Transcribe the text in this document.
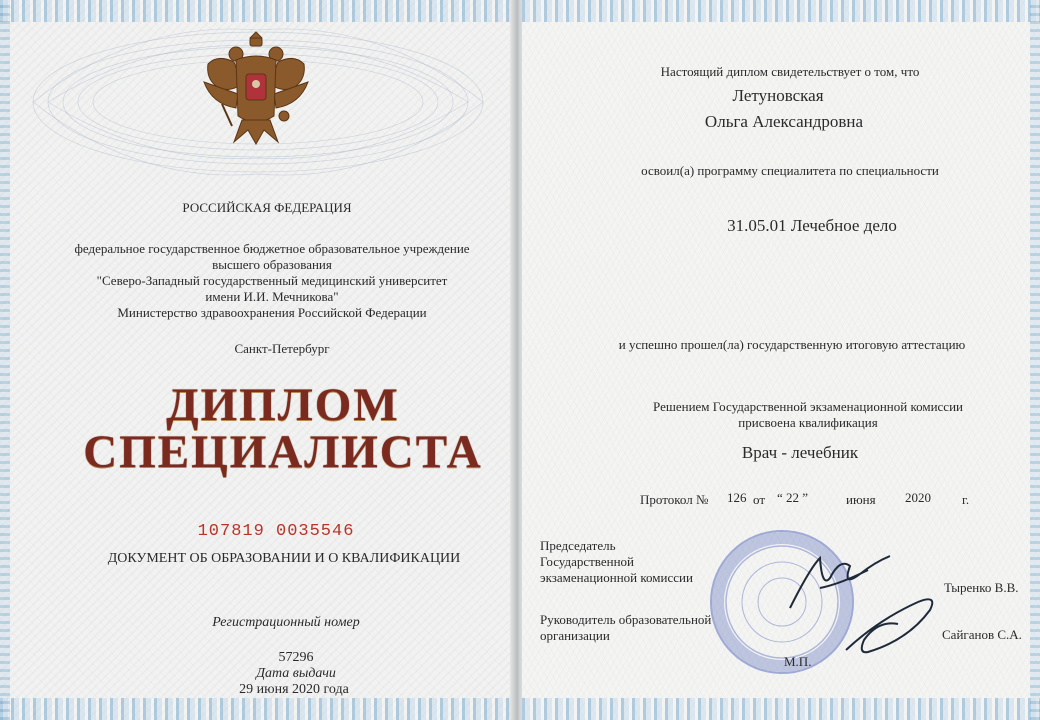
РОССИЙСКАЯ ФЕДЕРАЦИЯ
федеральное государственное бюджетное образовательное учреждение
высшего образования
"Северо-Западный государственный медицинский университет
имени И.И. Мечникова"
Министерство здравоохранения Российской Федерации
Санкт-Петербург
ДИПЛОМ
СПЕЦИАЛИСТА
107819 0035546
ДОКУМЕНТ ОБ ОБРАЗОВАНИИ И О КВАЛИФИКАЦИИ
Регистрационный номер
57296
Дата выдачи
29 июня 2020 года
Настоящий диплом свидетельствует о том, что
Летуновская
Ольга Александровна
освоил(а) программу специалитета по специальности
31.05.01 Лечебное дело
и успешно прошел(ла) государственную итоговую аттестацию
Решением Государственной экзаменационной комиссии
присвоена квалификация
Врач - лечебник
Протокол № 126 от “ 22 ”	июня 2020 г.
Председатель
Государственной
экзаменационной комиссии
Тыренко В.В.
Руководитель образовательной
организации	Сайганов С.А.
М.П.
